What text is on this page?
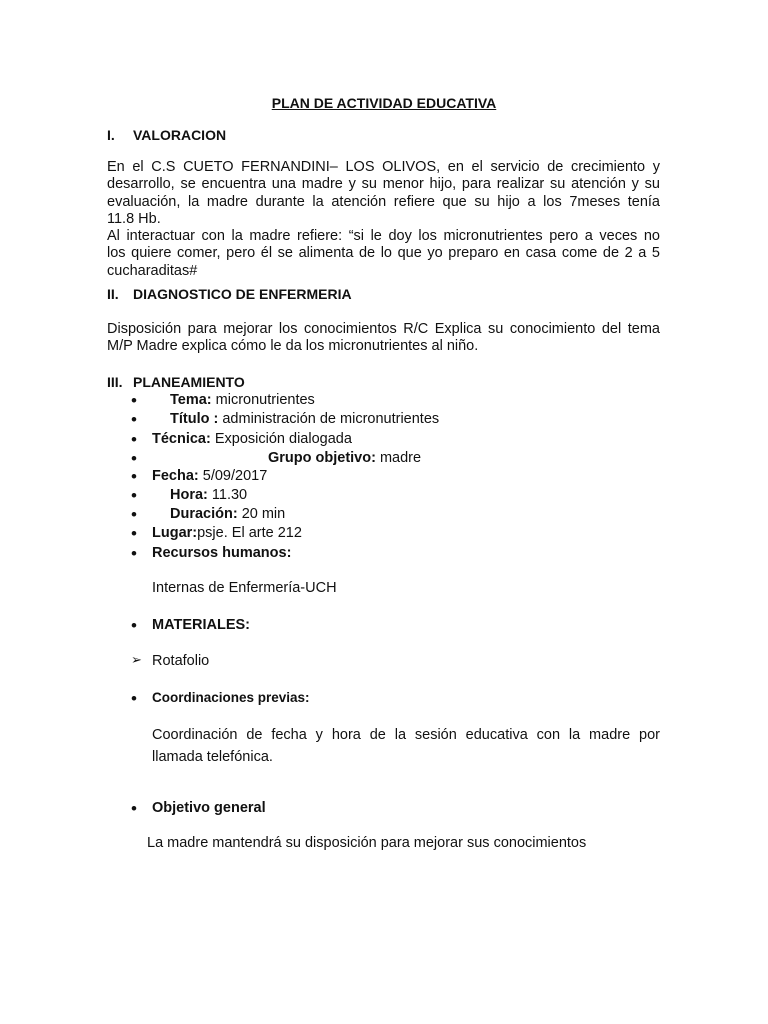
PLAN DE ACTIVIDAD EDUCATIVA
I. VALORACION
En el C.S CUETO FERNANDINI– LOS OLIVOS, en el servicio de crecimiento y
desarrollo, se encuentra una madre y su menor hijo, para realizar su atención y su
evaluación, la madre durante la atención refiere que su hijo a los 7meses tenía
11.8 Hb.
Al interactuar con la madre refiere: “si le doy los micronutrientes pero a veces no
los quiere comer, pero él se alimenta de lo que yo preparo en casa come de 2 a 5
cucharaditas#
II. DIAGNOSTICO DE ENFERMERIA
Disposición para mejorar los conocimientos R/C Explica su conocimiento del tema
M/P Madre explica cómo le da los micronutrientes al niño.
III. PLANEAMIENTO
• Tema: micronutrientes
• Título : administración de micronutrientes
• Técnica: Exposición dialogada
•	Grupo objetivo: madre
• Fecha: 5/09/2017
• Hora: 11.30
• Duración: 20 min
• Lugar:psje. El arte 212
• Recursos humanos:
Internas de Enfermería-UCH
• MATERIALES:
➢ Rotafolio
• Coordinaciones previas:
Coordinación de fecha y hora de la sesión educativa con la madre por
llamada telefónica.
• Objetivo general
La madre mantendrá su disposición para mejorar sus conocimientos
